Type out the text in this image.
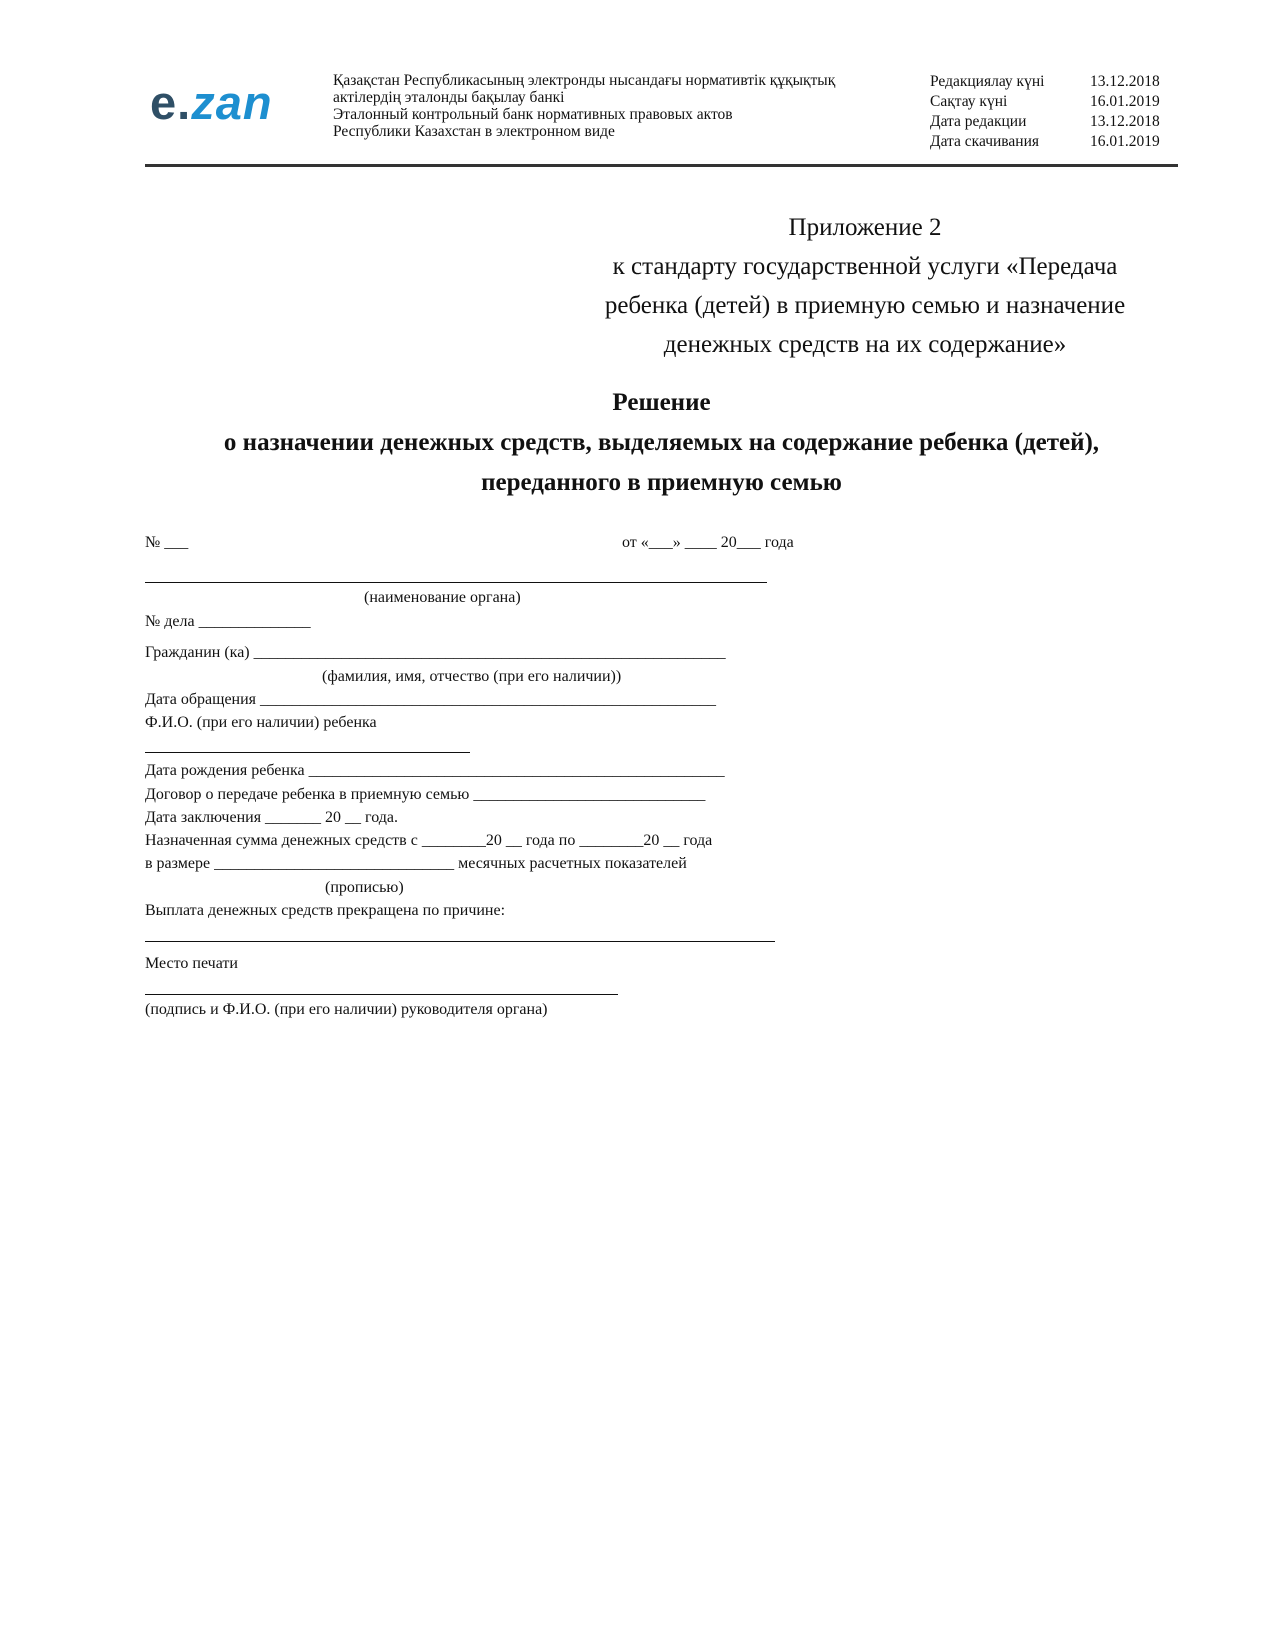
e.zan	Қазақстан Республикасының электронды нысандағы нормативтік құқықтық
актілердің эталонды бақылау банкі
Эталонный контрольный банк нормативных правовых актов
Республики Казахстан в электронном виде
Редакциялау күні	13.12.2018
Сақтау күні	16.01.2019
Дата редакции	13.12.2018
Дата скачивания	16.01.2019
Приложение 2
к стандарту государственной услуги «Передача
ребенка (детей) в приемную семью и назначение
денежных средств на их содержание»
Решение
о назначении денежных средств, выделяемых на содержание ребенка (детей),
переданного в приемную семью
№ ___	от «___» ____ 20___ года
(наименование органа)
№ дела ______________
Гражданин (ка) ___________________________________________________________
(фамилия, имя, отчество (при его наличии))
Дата обращения _________________________________________________________
Ф.И.О. (при его наличии) ребенка
Дата рождения ребенка ____________________________________________________
Договор о передаче ребенка в приемную семью _____________________________
Дата заключения _______ 20 __ года.
Назначенная сумма денежных средств с ________20 __ года по ________20 __ года
в размере ______________________________ месячных расчетных показателей
(прописью)
Выплата денежных средств прекращена по причине:
Место печати
(подпись и Ф.И.О. (при его наличии) руководителя органа)
